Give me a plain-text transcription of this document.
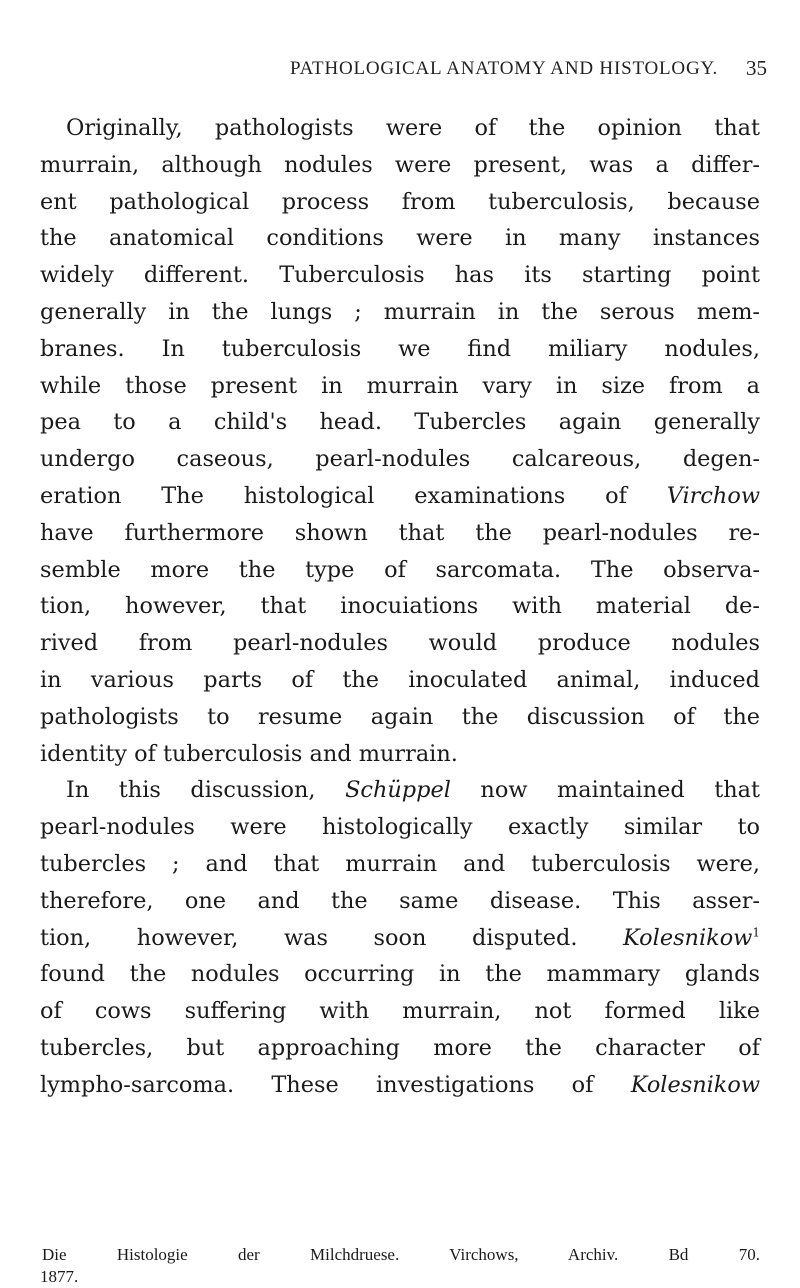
PATHOLOGICAL ANATOMY AND HISTOLOGY. 35
Originally, pathologists were of the opinion that
murrain, although nodules were present, was a differ-
ent pathological process from tuberculosis, because
the anatomical conditions were in many instances
widely different. Tuberculosis has its starting point
generally in the lungs ; murrain in the serous mem-
branes. In tuberculosis we find miliary nodules,
while those present in murrain vary in size from a
pea to a child's head. Tubercles again generally
undergo caseous, pearl-nodules calcareous, degen-
eration The histological examinations of Virchow
have furthermore shown that the pearl-nodules re-
semble more the type of sarcomata. The observa-
tion, however, that inocuiations with material de-
rived from pearl-nodules would produce nodules
in various parts of the inoculated animal, induced
pathologists to resume again the discussion of the
identity of tuberculosis and murrain.
In this discussion, Schüppel now maintained that
pearl-nodules were histologically exactly similar to
tubercles ; and that murrain and tuberculosis were,
therefore, one and the same disease. This asser-
tion, however, was soon disputed. Kolesnikow$^1$
found the nodules occurring in the mammary glands
of cows suffering with murrain, not formed like
tubercles, but approaching more the character of
lympho-sarcoma. These investigations of Kolesnikow
Die Histologie der Milchdruese. Virchows, Archiv. Bd 70.
1877.
